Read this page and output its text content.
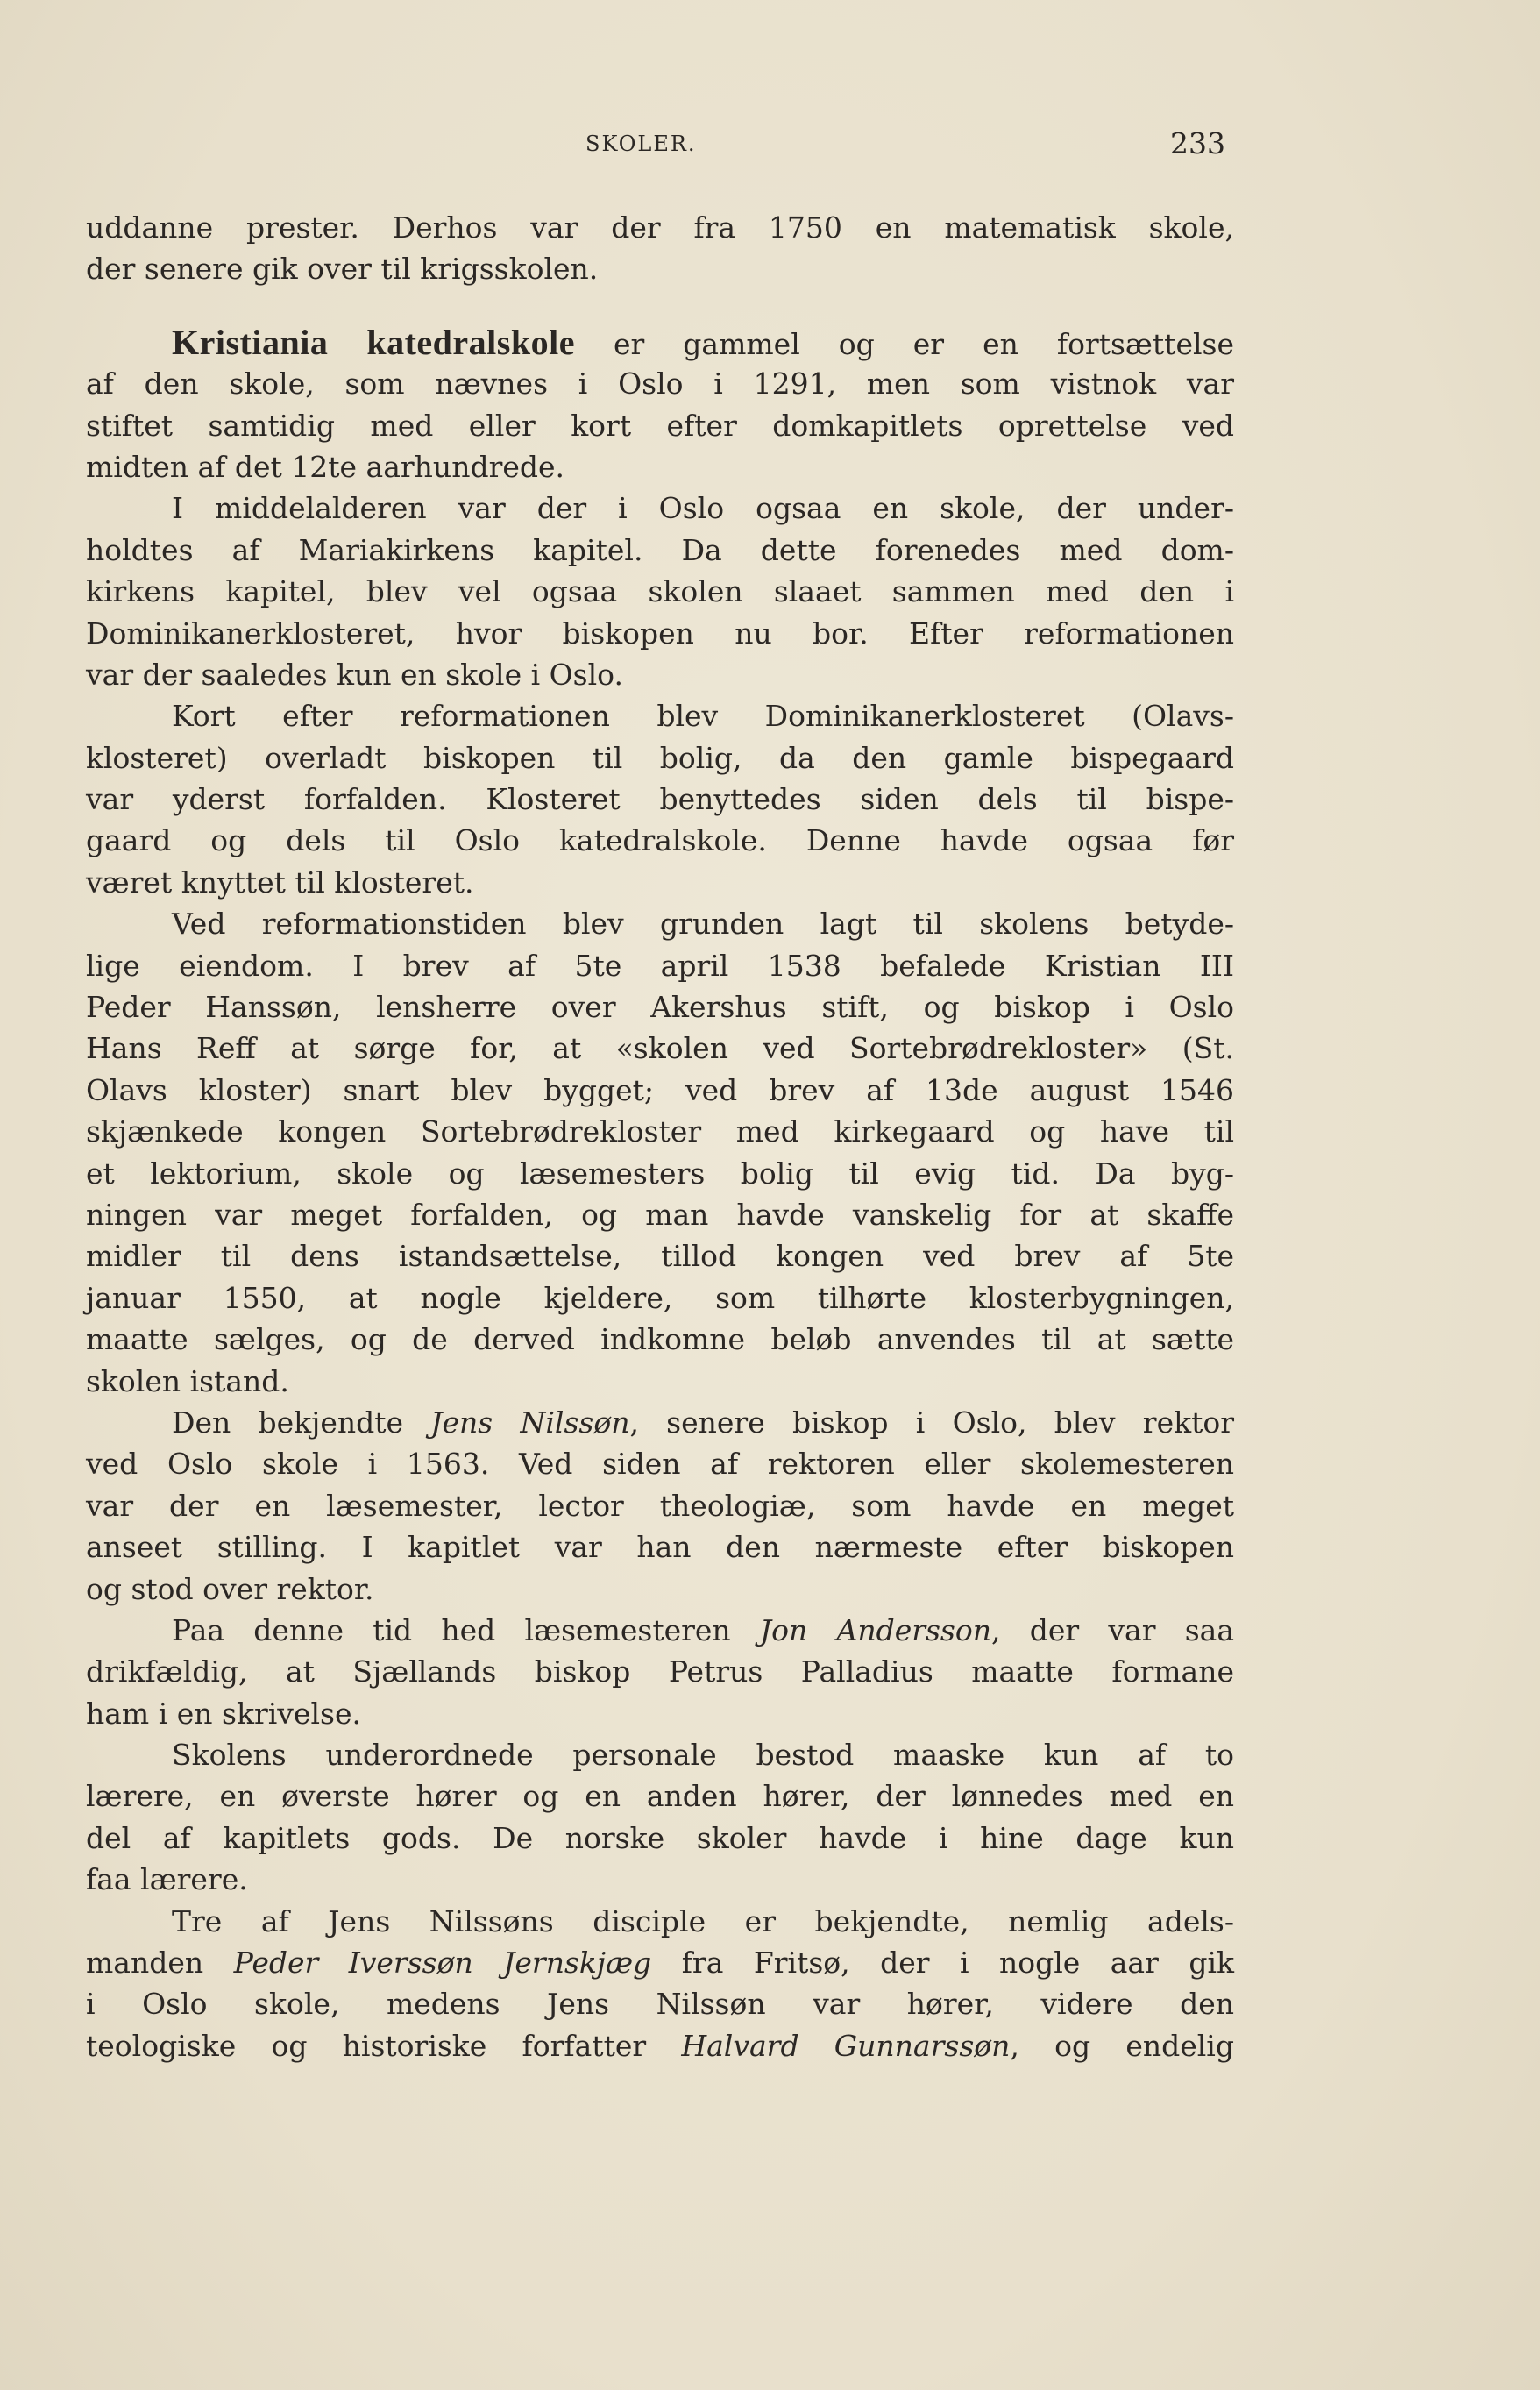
SKOLER.	233
uddanne prester. Derhos var der fra 1750 en matematisk skole,
der senere gik over til krigsskolen.
Kristiania katedralskole er gammel og er en fortsættelse
af den skole, som nævnes i Oslo i 1291, men som vistnok var
stiftet samtidig med eller kort efter domkapitlets oprettelse ved
midten af det 12te aarhundrede.
I middelalderen var der i Oslo ogsaa en skole, der under-
holdtes af Mariakirkens kapitel. Da dette forenedes med dom-
kirkens kapitel, blev vel ogsaa skolen slaaet sammen med den i
Dominikanerklosteret, hvor biskopen nu bor. Efter reformationen
var der saaledes kun en skole i Oslo.
Kort efter reformationen blev Dominikanerklosteret (Olavs-
klosteret) overladt biskopen til bolig, da den gamle bispegaard
var yderst forfalden. Klosteret benyttedes siden dels til bispe-
gaard og dels til Oslo katedralskole. Denne havde ogsaa før
været knyttet til klosteret.
Ved reformationstiden blev grunden lagt til skolens betyde-
lige eiendom. I brev af 5te april 1538 befalede Kristian III
Peder Hanssøn, lensherre over Akershus stift, og biskop i Oslo
Hans Reff at sørge for, at «skolen ved Sortebrødrekloster» (St.
Olavs kloster) snart blev bygget; ved brev af 13de august 1546
skjænkede kongen Sortebrødrekloster med kirkegaard og have til
et lektorium, skole og læsemesters bolig til evig tid. Da byg-
ningen var meget forfalden, og man havde vanskelig for at skaffe
midler til dens istandsættelse, tillod kongen ved brev af 5te
januar 1550, at nogle kjeldere, som tilhørte klosterbygningen,
maatte sælges, og de derved indkomne beløb anvendes til at sætte
skolen istand.
Den bekjendte Jens Nilssøn, senere biskop i Oslo, blev rektor
ved Oslo skole i 1563. Ved siden af rektoren eller skolemesteren
var der en læsemester, lector theologiæ, som havde en meget
anseet stilling. I kapitlet var han den nærmeste efter biskopen
og stod over rektor.
Paa denne tid hed læsemesteren Jon Andersson, der var saa
drikfældig, at Sjællands biskop Petrus Palladius maatte formane
ham i en skrivelse.
Skolens underordnede personale bestod maaske kun af to
lærere, en øverste hører og en anden hører, der lønnedes med en
del af kapitlets gods. De norske skoler havde i hine dage kun
faa lærere.
Tre af Jens Nilssøns disciple er bekjendte, nemlig adels-
manden Peder Iverssøn Jernskjæg fra Fritsø, der i nogle aar gik
i Oslo skole, medens Jens Nilssøn var hører, videre den
teologiske og historiske forfatter Halvard Gunnarssøn, og endelig
